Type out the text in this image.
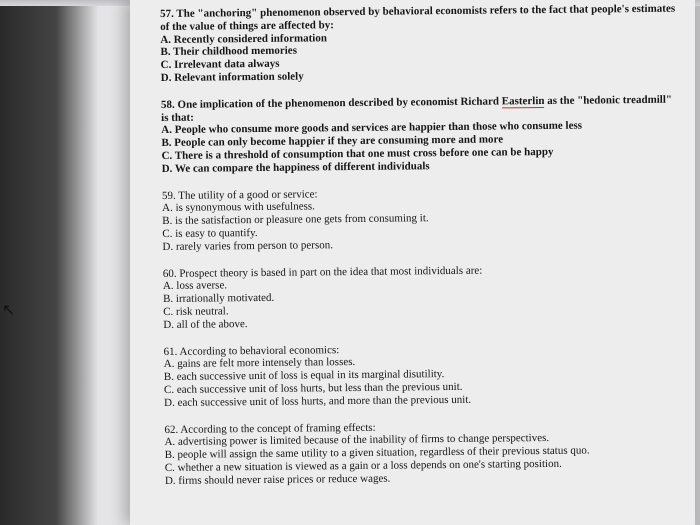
↖

57. The "anchoring" phenomenon observed by behavioral economists refers to the fact that people's estimates of the value of things are affected by:

A. Recently considered information

B. Their childhood memories

C. Irrelevant data always

D. Relevant information solely

58. One implication of the phenomenon described by economist Richard Easterlin as the "hedonic treadmill" is that:

A. People who consume more goods and services are happier than those who consume less

B. People can only become happier if they are consuming more and more

C. There is a threshold of consumption that one must cross before one can be happy

D. We can compare the happiness of different individuals

59. The utility of a good or service:

A. is synonymous with usefulness.

B. is the satisfaction or pleasure one gets from consuming it.

C. is easy to quantify.

D. rarely varies from person to person.

60. Prospect theory is based in part on the idea that most individuals are:

A. loss averse.

B. irrationally motivated.

C. risk neutral.

D. all of the above.

61. According to behavioral economics:

A. gains are felt more intensely than losses.

B. each successive unit of loss is equal in its marginal disutility.

C. each successive unit of loss hurts, but less than the previous unit.

D. each successive unit of loss hurts, and more than the previous unit.

62. According to the concept of framing effects:

A. advertising power is limited because of the inability of firms to change perspectives.

B. people will assign the same utility to a given situation, regardless of their previous status quo.

C. whether a new situation is viewed as a gain or a loss depends on one's starting position.

D. firms should never raise prices or reduce wages.
